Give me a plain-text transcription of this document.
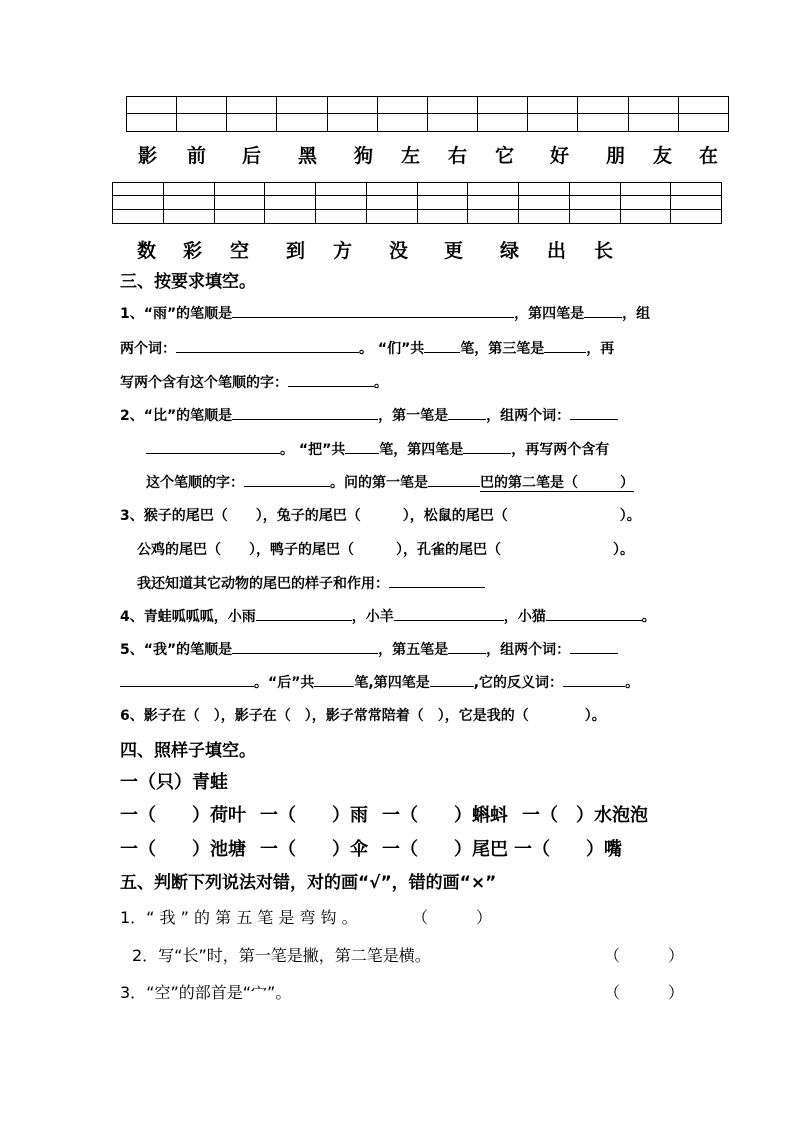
影 前 后 黑 狗 左 右 它 好 朋 友 在

数 彩 空 到 方 没 更 绿 出 长
三、按要求填空。
1、“雨”的笔顺是	，第四笔是	，组
两个词：	。 “们”共	笔，第三笔是	，再
写两个含有这个笔顺的字：	。
2、“比”的笔顺是	，第一笔是	，组两个词：
。 “把”共 笔，第四笔是	，再写两个含有
这个笔顺的字：	。问的第一笔是	巴的第二笔是（	）
3、猴子的尾巴（　　），兔子的尾巴（　　　），松鼠的尾巴（　　　　　　　　）。
公鸡的尾巴（　　），鸭子的尾巴（　　　），孔雀的尾巴（　　　　　　　　）。
我还知道其它动物的尾巴的样子和作用：
4、青蛙呱呱呱，小雨	，小羊	，小猫	。
5、“我”的笔顺是	，第五笔是	，组两个词：
。“后”共	笔,第四笔是	,它的反义词：	。
6、影子在（　），影子在（　），影子常常陪着（　），它是我的（　　　　）。
四、照样子填空。
一（只）青蛙
一（　　）荷叶 一（　　）雨 一（　　）蝌蚪 一（　）水泡泡
一（　　）池塘 一（　　）伞 一（　　）尾巴 一（　　）嘴
五、判断下列说法对错，对的画“√”，错的画“×”
1．“ 我 ” 的 第 五 笔 是 弯 钩 。	（　　　）
2．写“长”时，第一笔是撇，第二笔是横。	（　　　）
3．“空”的部首是“宀”。	（　　　）
